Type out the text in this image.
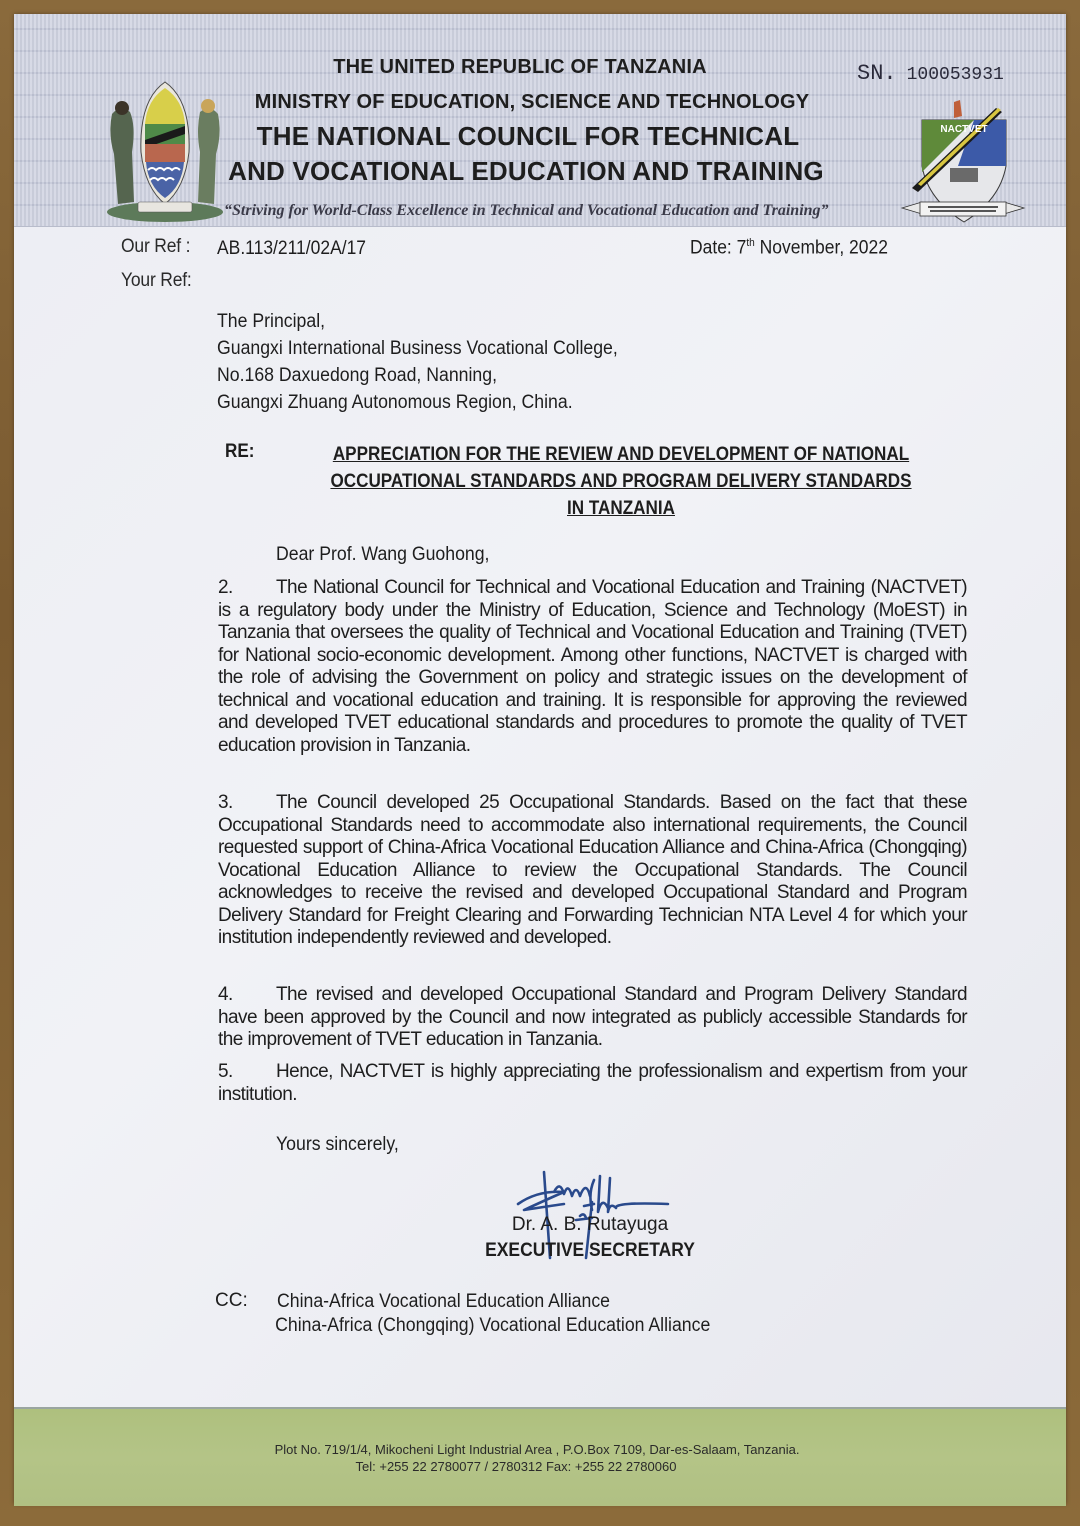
THE UNITED REPUBLIC OF TANZANIA
MINISTRY OF EDUCATION, SCIENCE AND TECHNOLOGY
THE NATIONAL COUNCIL FOR TECHNICAL
AND VOCATIONAL EDUCATION AND TRAINING
“Striving for World-Class Excellence in Technical and Vocational Education and Training”
SN. 100053931
NACTVET
Our Ref : AB.113/211/02A/17
Your Ref:
Date: 7th November, 2022
The Principal,
Guangxi International Business Vocational College,
No.168 Daxuedong Road, Nanning,
Guangxi Zhuang Autonomous Region, China.
RE:	APPRECIATION FOR THE REVIEW AND DEVELOPMENT OF NATIONAL
OCCUPATIONAL STANDARDS AND PROGRAM DELIVERY STANDARDS
IN TANZANIA
Dear Prof. Wang Guohong,
2. The National Council for Technical and Vocational Education and Training (NACTVET) is a regulatory body under the Ministry of Education, Science and Technology (MoEST) in Tanzania that oversees the quality of Technical and Vocational Education and Training (TVET) for National socio-economic development. Among other functions, NACTVET is charged with the role of advising the Government on policy and strategic issues on the development of technical and vocational education and training. It is responsible for approving the reviewed and developed TVET educational standards and procedures to promote the quality of TVET education provision in Tanzania.
3. The Council developed 25 Occupational Standards. Based on the fact that these Occupational Standards need to accommodate also international requirements, the Council requested support of China-Africa Vocational Education Alliance and China-Africa (Chongqing) Vocational Education Alliance to review the Occupational Standards. The Council acknowledges to receive the revised and developed Occupational Standard and Program Delivery Standard for Freight Clearing and Forwarding Technician NTA Level 4 for which your institution independently reviewed and developed.
4. The revised and developed Occupational Standard and Program Delivery Standard have been approved by the Council and now integrated as publicly accessible Standards for the improvement of TVET education in Tanzania.
5. Hence, NACTVET is highly appreciating the professionalism and expertism from your institution.
Yours sincerely,
Dr. A. B. Rutayuga
EXECUTIVE SECRETARY
CC: China-Africa Vocational Education Alliance
China-Africa (Chongqing) Vocational Education Alliance
Plot No. 719/1/4, Mikocheni Light Industrial Area , P.O.Box 7109, Dar-es-Salaam, Tanzania.
Tel: +255 22 2780077 / 2780312 Fax: +255 22 2780060
